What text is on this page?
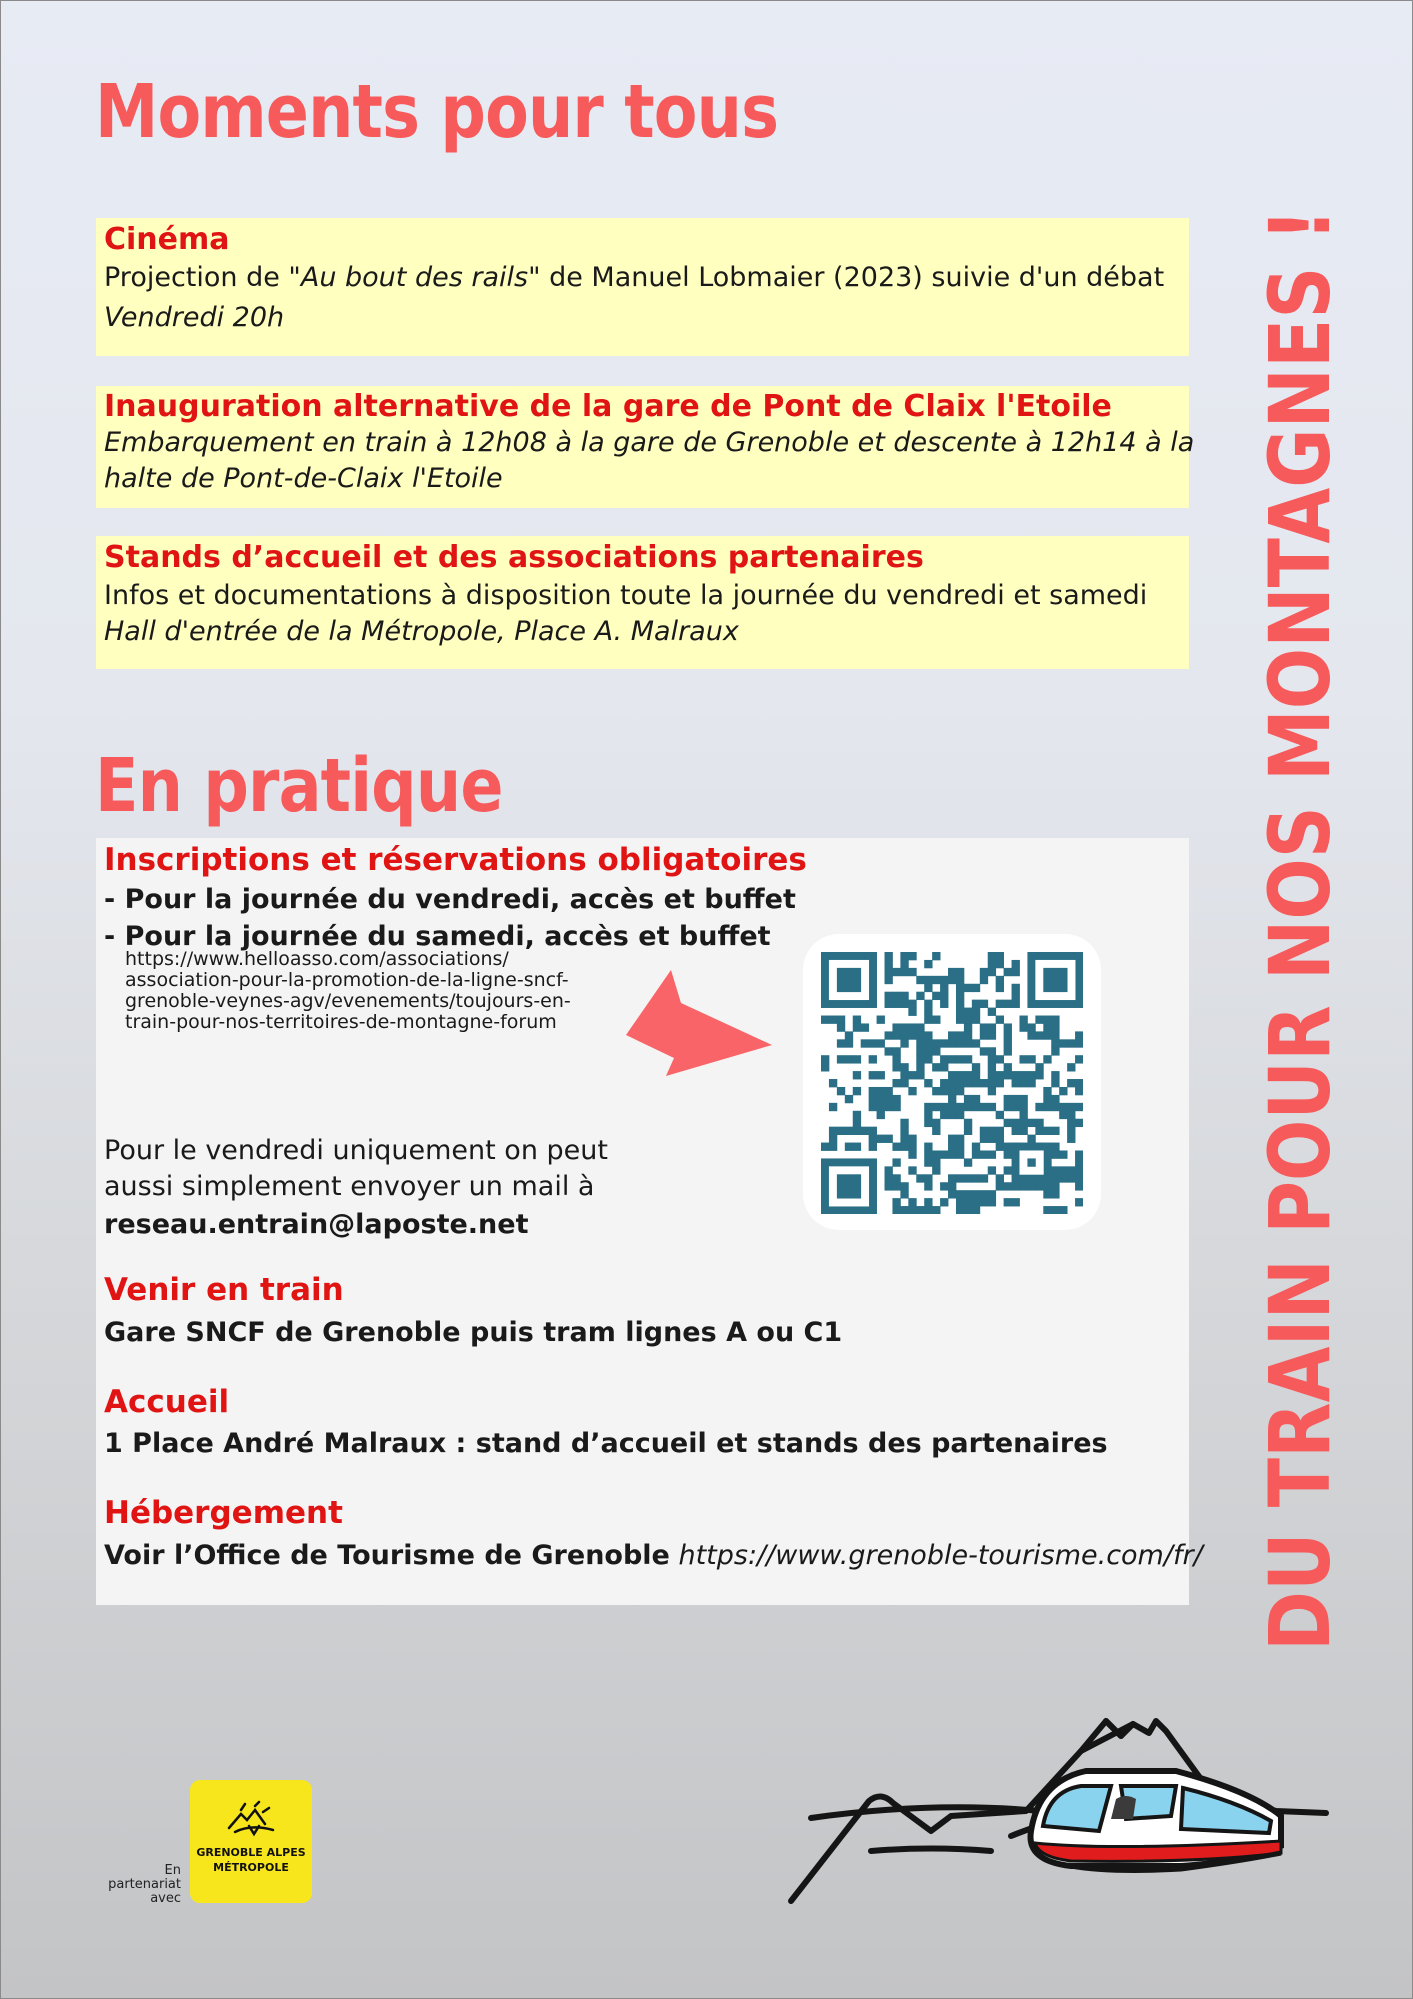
Moments pour tous
Cinéma
Projection de "Au bout des rails" de Manuel Lobmaier (2023) suivie d'un débat
Vendredi 20h
Inauguration alternative de la gare de Pont de Claix l'Etoile
Embarquement en train à 12h08 à la gare de Grenoble et descente à 12h14 à la
halte de Pont-de-Claix l'Etoile
Stands d’accueil et des associations partenaires
Infos et documentations à disposition toute la journée du vendredi et samedi
Hall d'entrée de la Métropole, Place A. Malraux
En pratique
Inscriptions et réservations obligatoires
- Pour la journée du vendredi, accès et buffet
- Pour la journée du samedi, accès et buffet
https://www.helloasso.com/associations/
association-pour-la-promotion-de-la-ligne-sncf-
grenoble-veynes-agv/evenements/toujours-en-
train-pour-nos-territoires-de-montagne-forum
Pour le vendredi uniquement on peut
aussi simplement envoyer un mail à
reseau.entrain@laposte.net
Venir en train
Gare SNCF de Grenoble puis tram lignes A ou C1
Accueil
1 Place André Malraux : stand d’accueil et stands des partenaires
Hébergement
Voir l’Office de Tourisme de Grenoble https://www.grenoble-tourisme.com/fr/ DU TRAIN POUR NOS MONTAGNES !
GRENOBLE ALPES
MÉTROPOLE
En
partenariat
avec
